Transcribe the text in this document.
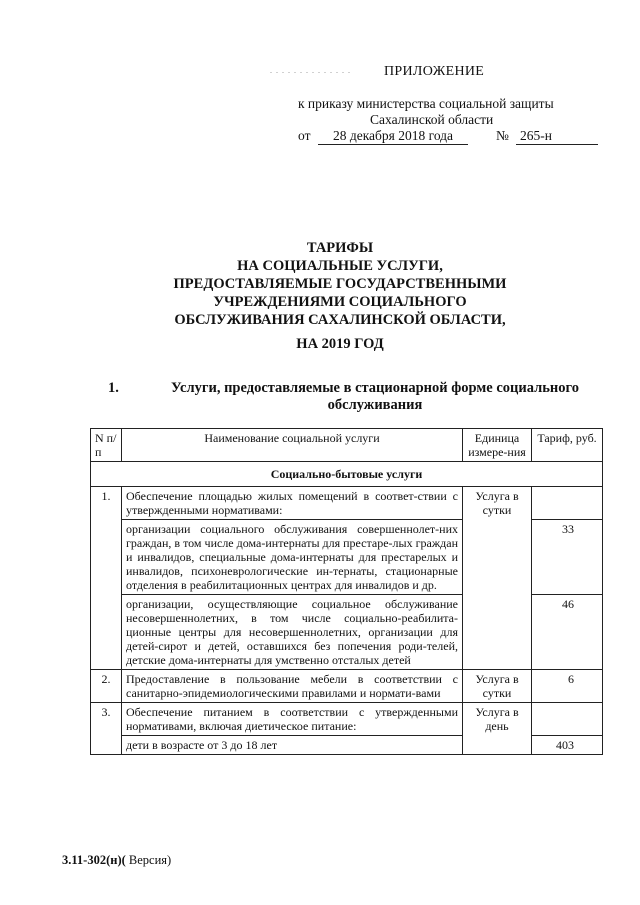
. . . . . . . . . . . . . . ПРИЛОЖЕНИЕ
к приказу министерства социальной защиты
Сахалинской области
от	28 декабря 2018 года	№ 265-н
ТАРИФЫ
НА СОЦИАЛЬНЫЕ УСЛУГИ,
ПРЕДОСТАВЛЯЕМЫЕ ГОСУДАРСТВЕННЫМИ
УЧРЕЖДЕНИЯМИ СОЦИАЛЬНОГО
ОБСЛУЖИВАНИЯ САХАЛИНСКОЙ ОБЛАСТИ,
НА 2019 ГОД
1.	Услуги, предоставляемые в стационарной форме социального обслуживания
N п/п	Наименование социальной услуги	Единица измере-ния	Тариф, руб.
Социально-бытовые услуги			
1.	Обеспечение площадью жилых помещений в соответ-ствии с утвержденными нормативами:	Услуга в сутки	
	организации социального обслуживания совершеннолет-них граждан, в том числе дома-интернаты для престаре-лых граждан и инвалидов, специальные дома-интернаты для престарелых и инвалидов, психоневрологические ин-тернаты, стационарные отделения в реабилитационных центрах для инвалидов и др.		33
	организации, осуществляющие социальное обслуживание несовершеннолетних, в том числе социально-реабилита-ционные центры для несовершеннолетних, организации для детей-сирот и детей, оставшихся без попечения роди-телей, детские дома-интернаты для умственно отсталых детей		46
2.	Предоставление в пользование мебели в соответствии с санитарно-эпидемиологическими правилами и нормати-вами	Услуга в сутки	6
3.	Обеспечение питанием в соответствии с утвержденными нормативами, включая диетическое питание:	Услуга в день	
	дети в возрасте от 3 до 18 лет		403
3.11-302(н)( Версия)
